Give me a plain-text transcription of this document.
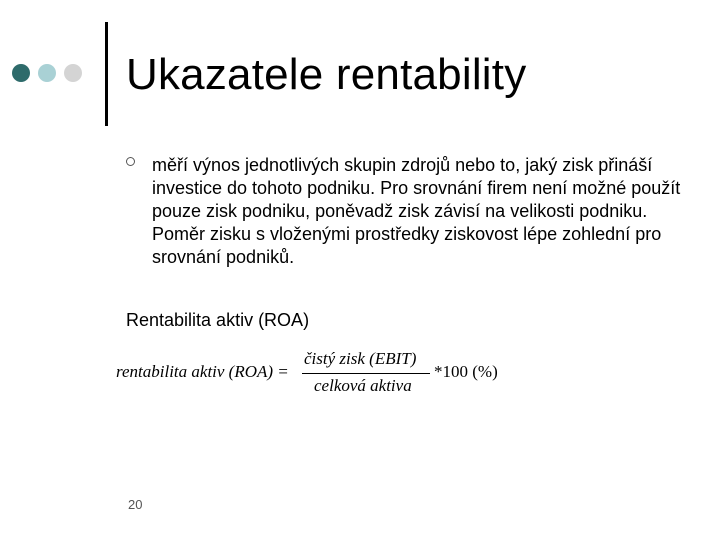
Ukazatele rentability
měří výnos jednotlivých skupin zdrojů nebo to, jaký zisk přináší investice do tohoto podniku. Pro srovnání firem není možné použít pouze zisk podniku, poněvadž zisk závisí na velikosti podniku. Poměr zisku s vloženými prostředky ziskovost lépe zohlední pro srovnání podniků.
Rentabilita aktiv (ROA)
rentabilita aktiv (ROA) =
čistý zisk (EBIT)
celková aktiva
*100 (%)
20
